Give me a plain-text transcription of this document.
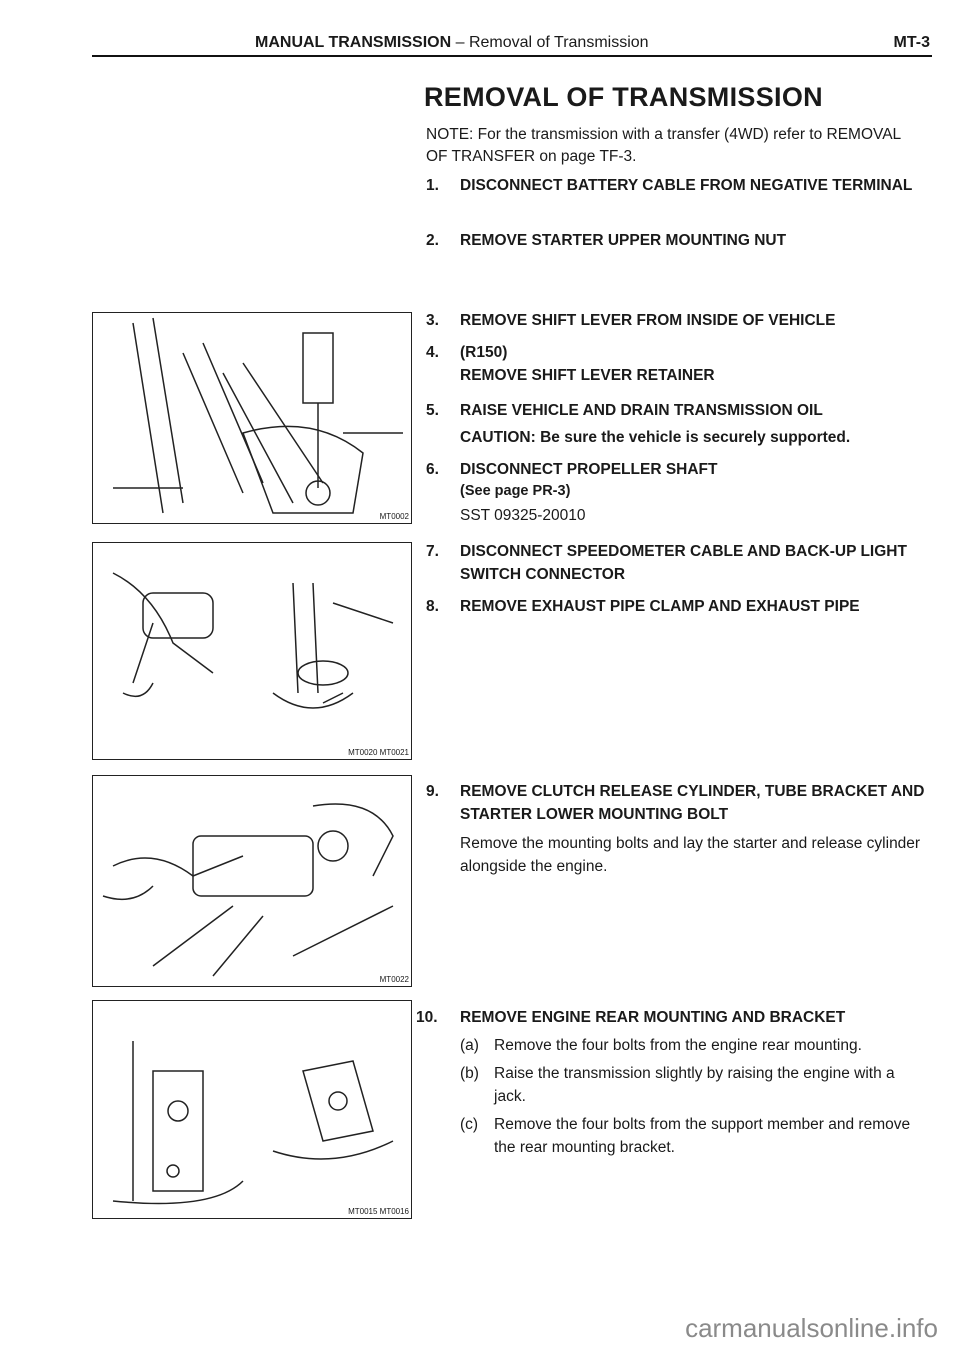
MANUAL TRANSMISSION – Removal of Transmission	MT-3
REMOVAL OF TRANSMISSION
NOTE: For the transmission with a transfer (4WD) refer to REMOVAL OF TRANSFER on page TF-3.
1. DISCONNECT BATTERY CABLE FROM NEGATIVE TERMINAL
2. REMOVE STARTER UPPER MOUNTING NUT
3. REMOVE SHIFT LEVER FROM INSIDE OF VEHICLE
4. (R150)
REMOVE SHIFT LEVER RETAINER
5. RAISE VEHICLE AND DRAIN TRANSMISSION OIL
CAUTION: Be sure the vehicle is securely supported.
6. DISCONNECT PROPELLER SHAFT
(See page PR-3)
SST 09325-20010
7. DISCONNECT SPEEDOMETER CABLE AND BACK-UP LIGHT SWITCH CONNECTOR
8. REMOVE EXHAUST PIPE CLAMP AND EXHAUST PIPE
9. REMOVE CLUTCH RELEASE CYLINDER, TUBE BRACKET AND STARTER LOWER MOUNTING BOLT
Remove the mounting bolts and lay the starter and release cylinder alongside the engine.
10. REMOVE ENGINE REAR MOUNTING AND BRACKET
(a) Remove the four bolts from the engine rear mounting.
(b) Raise the transmission slightly by raising the engine with a jack.
(c) Remove the four bolts from the support member and remove the rear mounting bracket.
MT0002
MT0020 MT0021
MT0022
MT0015 MT0016
carmanualsonline.info
